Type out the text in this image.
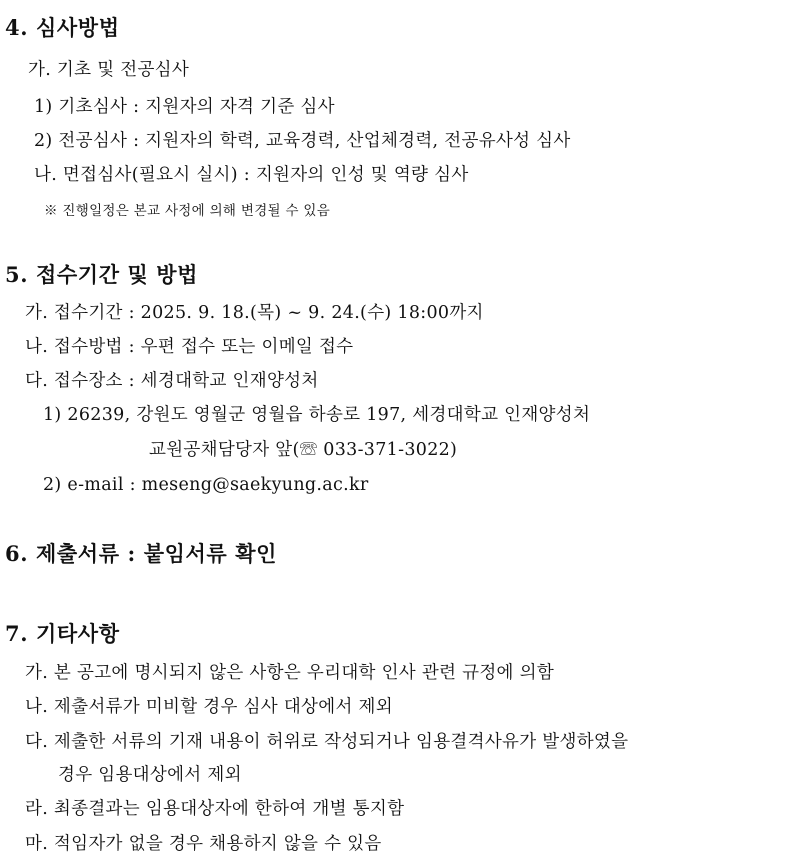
4. 심사방법
가. 기초 및 전공심사
1) 기초심사 : 지원자의 자격 기준 심사
2) 전공심사 : 지원자의 학력, 교육경력, 산업체경력, 전공유사성 심사
나. 면접심사(필요시 실시) : 지원자의 인성 및 역량 심사
※ 진행일정은 본교 사정에 의해 변경될 수 있음
5. 접수기간 및 방법
가. 접수기간 : 2025. 9. 18.(목) ~ 9. 24.(수) 18:00까지
나. 접수방법 : 우편 접수 또는 이메일 접수
다. 접수장소 : 세경대학교 인재양성처
1) 26239, 강원도 영월군 영월읍 하송로 197, 세경대학교 인재양성처
교원공채담당자 앞(☏ 033-371-3022)
2) e-mail : meseng@saekyung.ac.kr
6. 제출서류 : 붙임서류 확인
7. 기타사항
가. 본 공고에 명시되지 않은 사항은 우리대학 인사 관련 규정에 의함
나. 제출서류가 미비할 경우 심사 대상에서 제외
다. 제출한 서류의 기재 내용이 허위로 작성되거나 임용결격사유가 발생하였을
경우 임용대상에서 제외
라. 최종결과는 임용대상자에 한하여 개별 통지함
마. 적임자가 없을 경우 채용하지 않을 수 있음
